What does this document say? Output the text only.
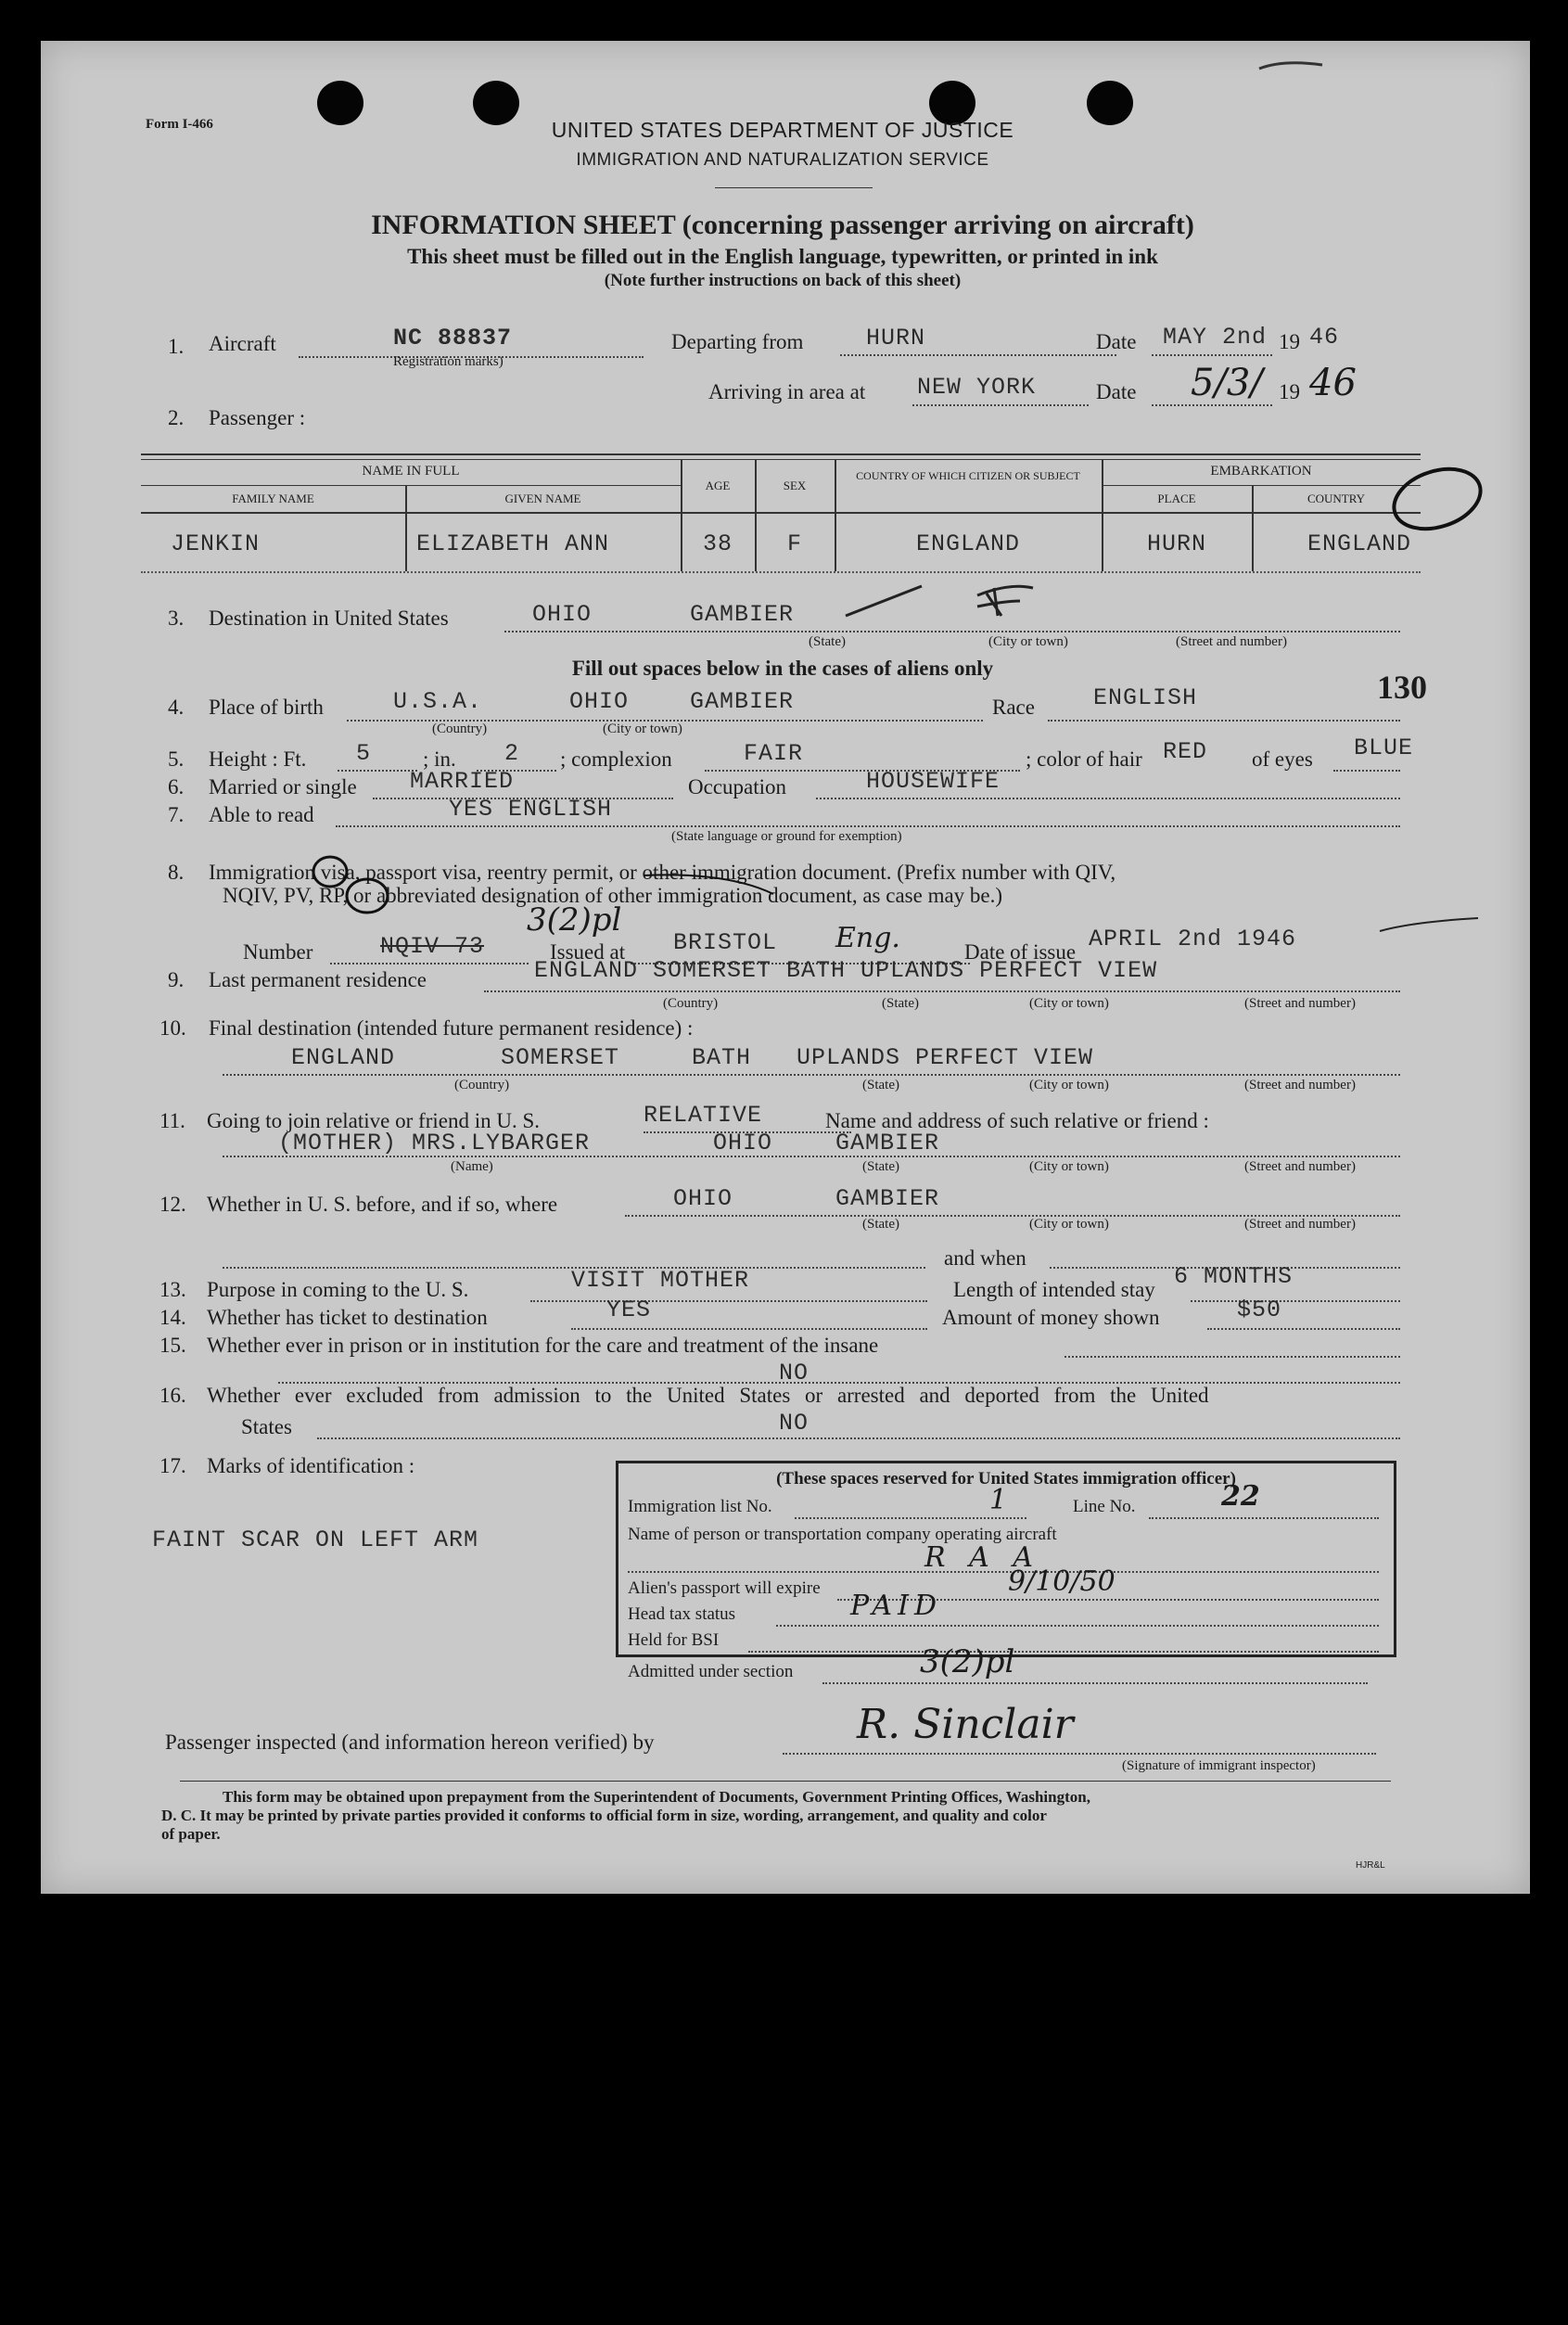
Form I-466	UNITED STATES DEPARTMENT OF JUSTICE
IMMIGRATION AND NATURALIZATION SERVICE
INFORMATION SHEET (concerning passenger arriving on aircraft)
This sheet must be filled out in the English language, typewritten, or printed in ink
(Note further instructions on back of this sheet)
1. Aircraft	NC 88837
Registration marks)
Departing from	HURN	Date MAY 2nd 19 46
Arriving in area at NEW YORK	Date 5/3/ 19 46
2. Passenger :
NAME IN FULL
FAMILY NAME	GIVEN NAME
AGE	SEX
COUNTRY OF WHICH CITIZEN OR SUBJECT	EMBARKATION
PLACE	COUNTRY
JENKIN	ELIZABETH ANN	38	F	ENGLAND	HURN	ENGLAND
3. Destination in United States	OHIO	GAMBIER
(State)	(City or town)	(Street and number)
Fill out spaces below in the cases of aliens only
4. Place of birth	U.S.A.	OHIO	GAMBIER
(Country)	(City or town)
Race	ENGLISH	130
5. Height : Ft. 5 ; in. 2 ; complexion	FAIR	; color of hair RED of eyes BLUE
6. Married or single MARRIED	Occupation	HOUSEWIFE
7. Able to read	YES ENGLISH
(State language or ground for exemption)
8. Immigration visa, passport visa, reentry permit, or other immigration document. (Prefix number with QIV,
NQIV, PV, RP, or abbreviated designation of other immigration document, as case may be.)
Number	NQIV 73
3(2)pl
Issued at BRISTOL Eng.	Date of issue APRIL 2nd 1946
9. Last permanent residence	ENGLAND SOMERSET BATH UPLANDS PERFECT VIEW
(Country)	(State)	(City or town)	(Street and number)
10. Final destination (intended future permanent residence) :
ENGLAND	SOMERSET	BATH UPLANDS PERFECT VIEW
(Country)	(State)	(City or town)	(Street and number)
11. Going to join relative or friend in U. S.	RELATIVE	Name and address of such relative or friend :
(MOTHER) MRS.LYBARGER	OHIO	GAMBIER
(Name)	(State)	(City or town)	(Street and number)
12. Whether in U. S. before, and if so, where	OHIO	GAMBIER
(State)	(City or town)	(Street and number)
and when
13. Purpose in coming to the U. S.	VISIT MOTHER	Length of intended stay 6 MONTHS
14. Whether has ticket to destination	YES	Amount of money shown	$50
15. Whether ever in prison or in institution for the care and treatment of the insane
NO
16. Whether ever excluded from admission to the United States or arrested and deported from the United
States	NO
17. Marks of identification :
FAINT SCAR ON LEFT ARM
(These spaces reserved for United States immigration officer)
Immigration list No.	1	Line No.	22
Name of person or transportation company operating aircraft
R A A
Alien's passport will expire	9/10/50
Head tax status	PAID
Held for BSI
Admitted under section	3(2)pl
Passenger inspected (and information hereon verified) by	R. Sinclair
(Signature of immigrant inspector)
This form may be obtained upon prepayment from the Superintendent of Documents, Government Printing Offices, Washington,
D. C. It may be printed by private parties provided it conforms to official form in size, wording, arrangement, and quality and color
of paper.
HJR&L
